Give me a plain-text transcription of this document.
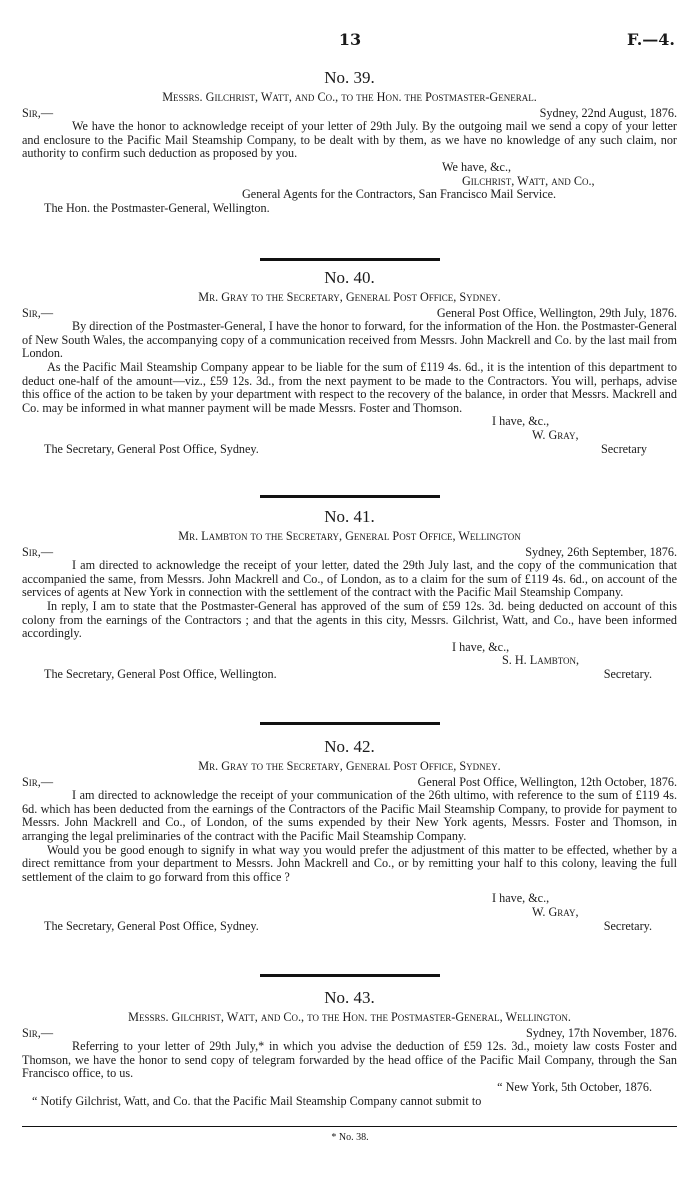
13	F.—4.
No. 39.
Messrs. Gilchrist, Watt, and Co., to the Hon. the Postmaster-General.
Sir,—	Sydney, 22nd August, 1876.
We have the honor to acknowledge receipt of your letter of 29th July. By the outgoing mail we send a copy of your letter and enclosure to the Pacific Mail Steamship Company, to be dealt with by them, as we have no knowledge of any such claim, nor authority to confirm such deduction as proposed by you.
We have, &c.,
Gilchrist, Watt, and Co.,
General Agents for the Contractors, San Francisco Mail Service.
The Hon. the Postmaster-General, Wellington.
No. 40.
Mr. Gray to the Secretary, General Post Office, Sydney.
Sir,—	General Post Office, Wellington, 29th July, 1876.
By direction of the Postmaster-General, I have the honor to forward, for the information of the Hon. the Postmaster-General of New South Wales, the accompanying copy of a communication received from Messrs. John Mackrell and Co. by the last mail from London.
As the Pacific Mail Steamship Company appear to be liable for the sum of £119 4s. 6d., it is the intention of this department to deduct one-half of the amount—viz., £59 12s. 3d., from the next payment to be made to the Contractors. You will, perhaps, advise this office of the action to be taken by your department with respect to the recovery of the balance, in order that Messrs. Mackrell and Co. may be informed in what manner payment will be made Messrs. Foster and Thomson.
I have, &c.,
W. Gray,
The Secretary, General Post Office, Sydney.	Secretary
No. 41.
Mr. Lambton to the Secretary, General Post Office, Wellington
Sir,—	Sydney, 26th September, 1876.
I am directed to acknowledge the receipt of your letter, dated the 29th July last, and the copy of the communication that accompanied the same, from Messrs. John Mackrell and Co., of London, as to a claim for the sum of £119 4s. 6d., on account of the services of agents at New York in connection with the settlement of the contract with the Pacific Mail Steamship Company.
In reply, I am to state that the Postmaster-General has approved of the sum of £59 12s. 3d. being deducted on account of this colony from the earnings of the Contractors ; and that the agents in this city, Messrs. Gilchrist, Watt, and Co., have been informed accordingly.
I have, &c.,
S. H. Lambton,
The Secretary, General Post Office, Wellington.	Secretary.
No. 42.
Mr. Gray to the Secretary, General Post Office, Sydney.
Sir,—	General Post Office, Wellington, 12th October, 1876.
I am directed to acknowledge the receipt of your communication of the 26th ultimo, with reference to the sum of £119 4s. 6d. which has been deducted from the earnings of the Contractors of the Pacific Mail Steamship Company, to provide for payment to Messrs. John Mackrell and Co., of London, of the sums expended by their New York agents, Messrs. Foster and Thomson, in arranging the legal preliminaries of the contract with the Pacific Mail Steamship Company.
Would you be good enough to signify in what way you would prefer the adjustment of this matter to be effected, whether by a direct remittance from your department to Messrs. John Mackrell and Co., or by remitting your half to this colony, leaving the full settlement of the claim to go forward from this office ?
I have, &c.,
W. Gray,
The Secretary, General Post Office, Sydney.	Secretary.
No. 43.
Messrs. Gilchrist, Watt, and Co., to the Hon. the Postmaster-General, Wellington.
Sir,—	Sydney, 17th November, 1876.
Referring to your letter of 29th July,* in which you advise the deduction of £59 12s. 3d., moiety law costs Foster and Thomson, we have the honor to send copy of telegram forwarded by the head office of the Pacific Mail Company, through the San Francisco office, to us.
“ New York, 5th October, 1876.
“ Notify Gilchrist, Watt, and Co. that the Pacific Mail Steamship Company cannot submit to
* No. 38.
